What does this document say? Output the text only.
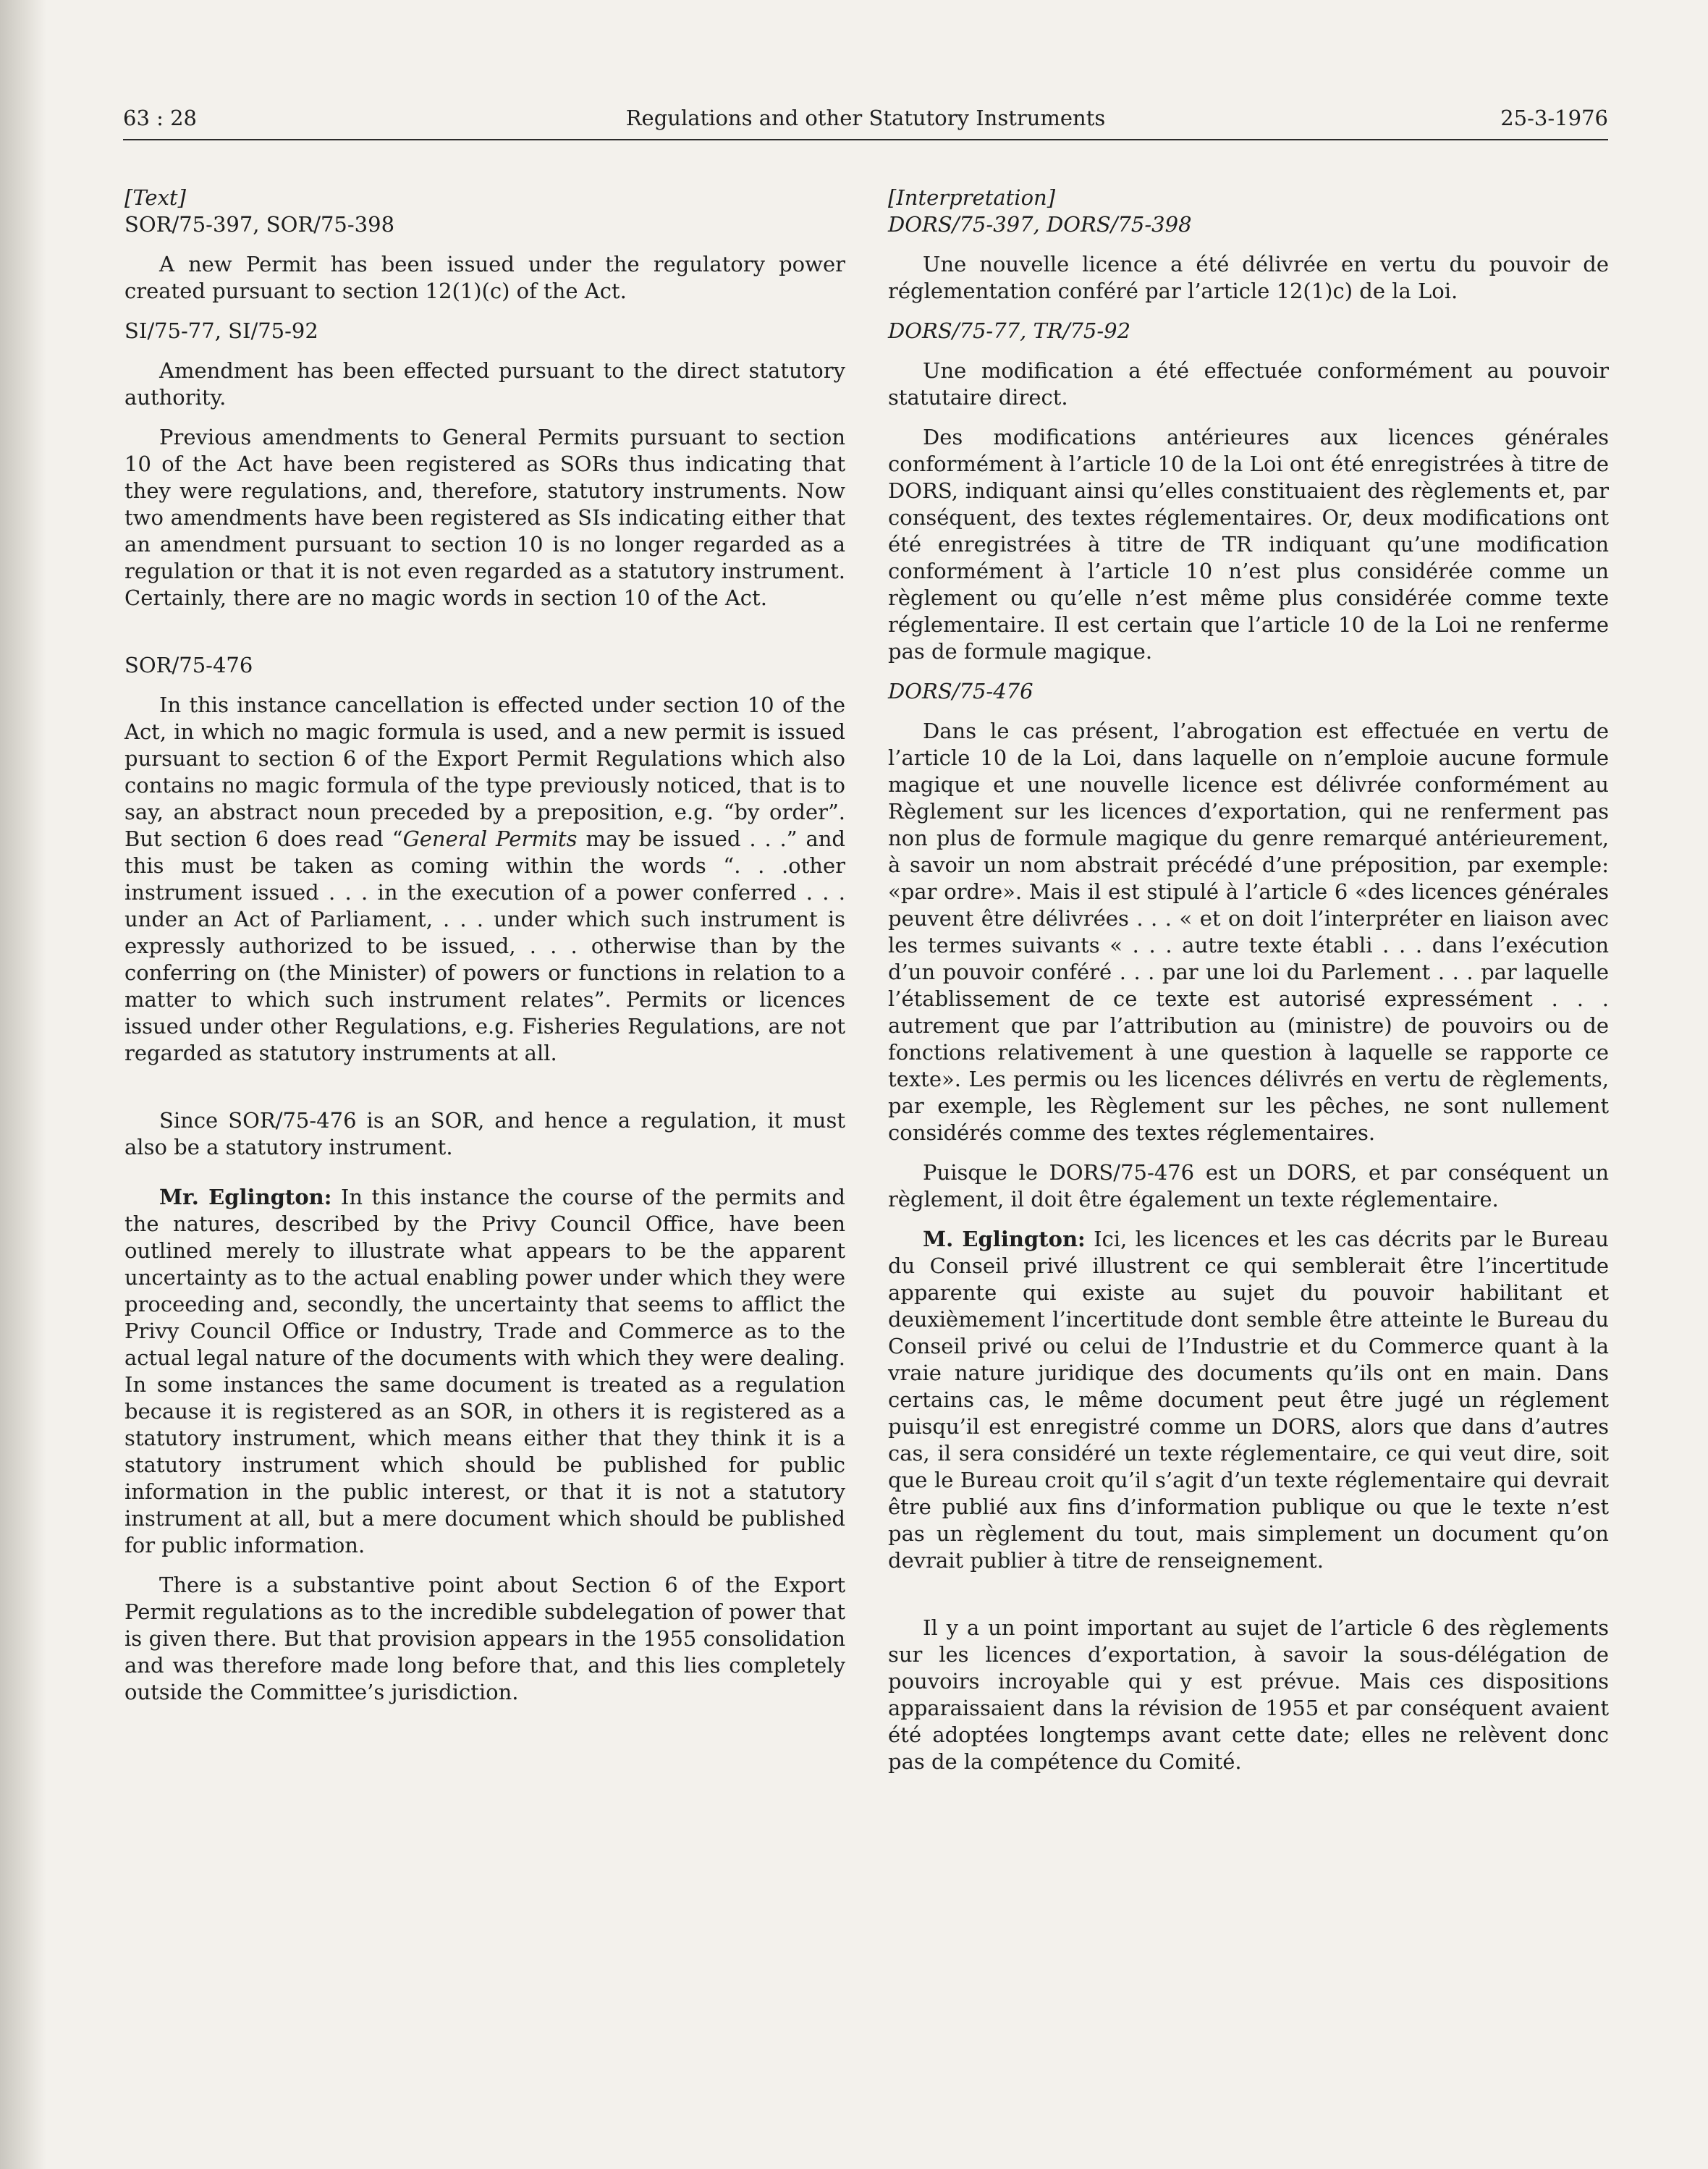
Regulations and other Statutory Instruments
63 : 28	25-3-1976

[Text]

SOR/75-397, SOR/75-398

A new Permit has been issued under the regulatory power created pursuant to section 12(1)(c) of the Act.

SI/75-77, SI/75-92

Amendment has been effected pursuant to the direct statutory authority.

Previous amendments to General Permits pursuant to section 10 of the Act have been registered as SORs thus indicating that they were regulations, and, therefore, statutory instruments. Now two amendments have been registered as SIs indicating either that an amendment pursuant to section 10 is no longer regarded as a regulation or that it is not even regarded as a statutory instrument. Certainly, there are no magic words in section 10 of the Act.

SOR/75-476

In this instance cancellation is effected under section 10 of the Act, in which no magic formula is used, and a new permit is issued pursuant to section 6 of the Export Permit Regulations which also contains no magic formula of the type previously noticed, that is to say, an abstract noun preceded by a preposition, e.g. “by order”. But section 6 does read “General Permits may be issued . . .” and this must be taken as coming within the words “. . .other instrument issued . . . in the execution of a power conferred . . . under an Act of Parliament, . . . under which such instrument is expressly authorized to be issued, . . . otherwise than by the conferring on (the Minister) of powers or functions in relation to a matter to which such instrument relates”. Permits or licences issued under other Regulations, e.g. Fisheries Regulations, are not regarded as statutory instruments at all.

Since SOR/75-476 is an SOR, and hence a regulation, it must also be a statutory instrument.

Mr. Eglington: In this instance the course of the permits and the natures, described by the Privy Council Office, have been outlined merely to illustrate what appears to be the apparent uncertainty as to the actual enabling power under which they were proceeding and, secondly, the uncertainty that seems to afflict the Privy Council Office or Industry, Trade and Commerce as to the actual legal nature of the documents with which they were dealing. In some instances the same document is treated as a regulation because it is registered as an SOR, in others it is registered as a statutory instrument, which means either that they think it is a statutory instrument which should be published for public information in the public interest, or that it is not a statutory instrument at all, but a mere document which should be published for public information.

There is a substantive point about Section 6 of the Export Permit regulations as to the incredible subdelegation of power that is given there. But that provision appears in the 1955 consolidation and was therefore made long before that, and this lies completely outside the Committee’s jurisdiction.

[Interpretation]

DORS/75-397, DORS/75-398

Une nouvelle licence a été délivrée en vertu du pouvoir de réglementation conféré par l’article 12(1)c) de la Loi.

DORS/75-77, TR/75-92

Une modification a été effectuée conformément au pouvoir statutaire direct.

Des modifications antérieures aux licences générales conformément à l’article 10 de la Loi ont été enregistrées à titre de DORS, indiquant ainsi qu’elles constituaient des règlements et, par conséquent, des textes réglementaires. Or, deux modifications ont été enregistrées à titre de TR indiquant qu’une modification conformément à l’article 10 n’est plus considérée comme un règlement ou qu’elle n’est même plus considérée comme texte réglementaire. Il est certain que l’article 10 de la Loi ne renferme pas de formule magique.

DORS/75-476

Dans le cas présent, l’abrogation est effectuée en vertu de l’article 10 de la Loi, dans laquelle on n’emploie aucune formule magique et une nouvelle licence est délivrée conformément au Règlement sur les licences d’exportation, qui ne renferment pas non plus de formule magique du genre remarqué antérieurement, à savoir un nom abstrait précédé d’une préposition, par exemple: «par ordre». Mais il est stipulé à l’article 6 «des licences générales peuvent être délivrées . . . « et on doit l’interpréter en liaison avec les termes suivants « . . . autre texte établi . . . dans l’exécution d’un pouvoir conféré . . . par une loi du Parlement . . . par laquelle l’établissement de ce texte est autorisé expressément . . . autrement que par l’attribution au (ministre) de pouvoirs ou de fonctions relativement à une question à laquelle se rapporte ce texte». Les permis ou les licences délivrés en vertu de règlements, par exemple, les Règlement sur les pêches, ne sont nullement considérés comme des textes réglementaires.

Puisque le DORS/75-476 est un DORS, et par conséquent un règlement, il doit être également un texte réglementaire.

M. Eglington: Ici, les licences et les cas décrits par le Bureau du Conseil privé illustrent ce qui semblerait être l’incertitude apparente qui existe au sujet du pouvoir habilitant et deuxièmement l’incertitude dont semble être atteinte le Bureau du Conseil privé ou celui de l’Industrie et du Commerce quant à la vraie nature juridique des documents qu’ils ont en main. Dans certains cas, le même document peut être jugé un réglement puisqu’il est enregistré comme un DORS, alors que dans d’autres cas, il sera considéré un texte réglementaire, ce qui veut dire, soit que le Bureau croit qu’il s’agit d’un texte réglementaire qui devrait être publié aux fins d’information publique ou que le texte n’est pas un règlement du tout, mais simplement un document qu’on devrait publier à titre de renseignement.

Il y a un point important au sujet de l’article 6 des règlements sur les licences d’exportation, à savoir la sous-délégation de pouvoirs incroyable qui y est prévue. Mais ces dispositions apparaissaient dans la révision de 1955 et par conséquent avaient été adoptées longtemps avant cette date; elles ne relèvent donc pas de la compétence du Comité.
